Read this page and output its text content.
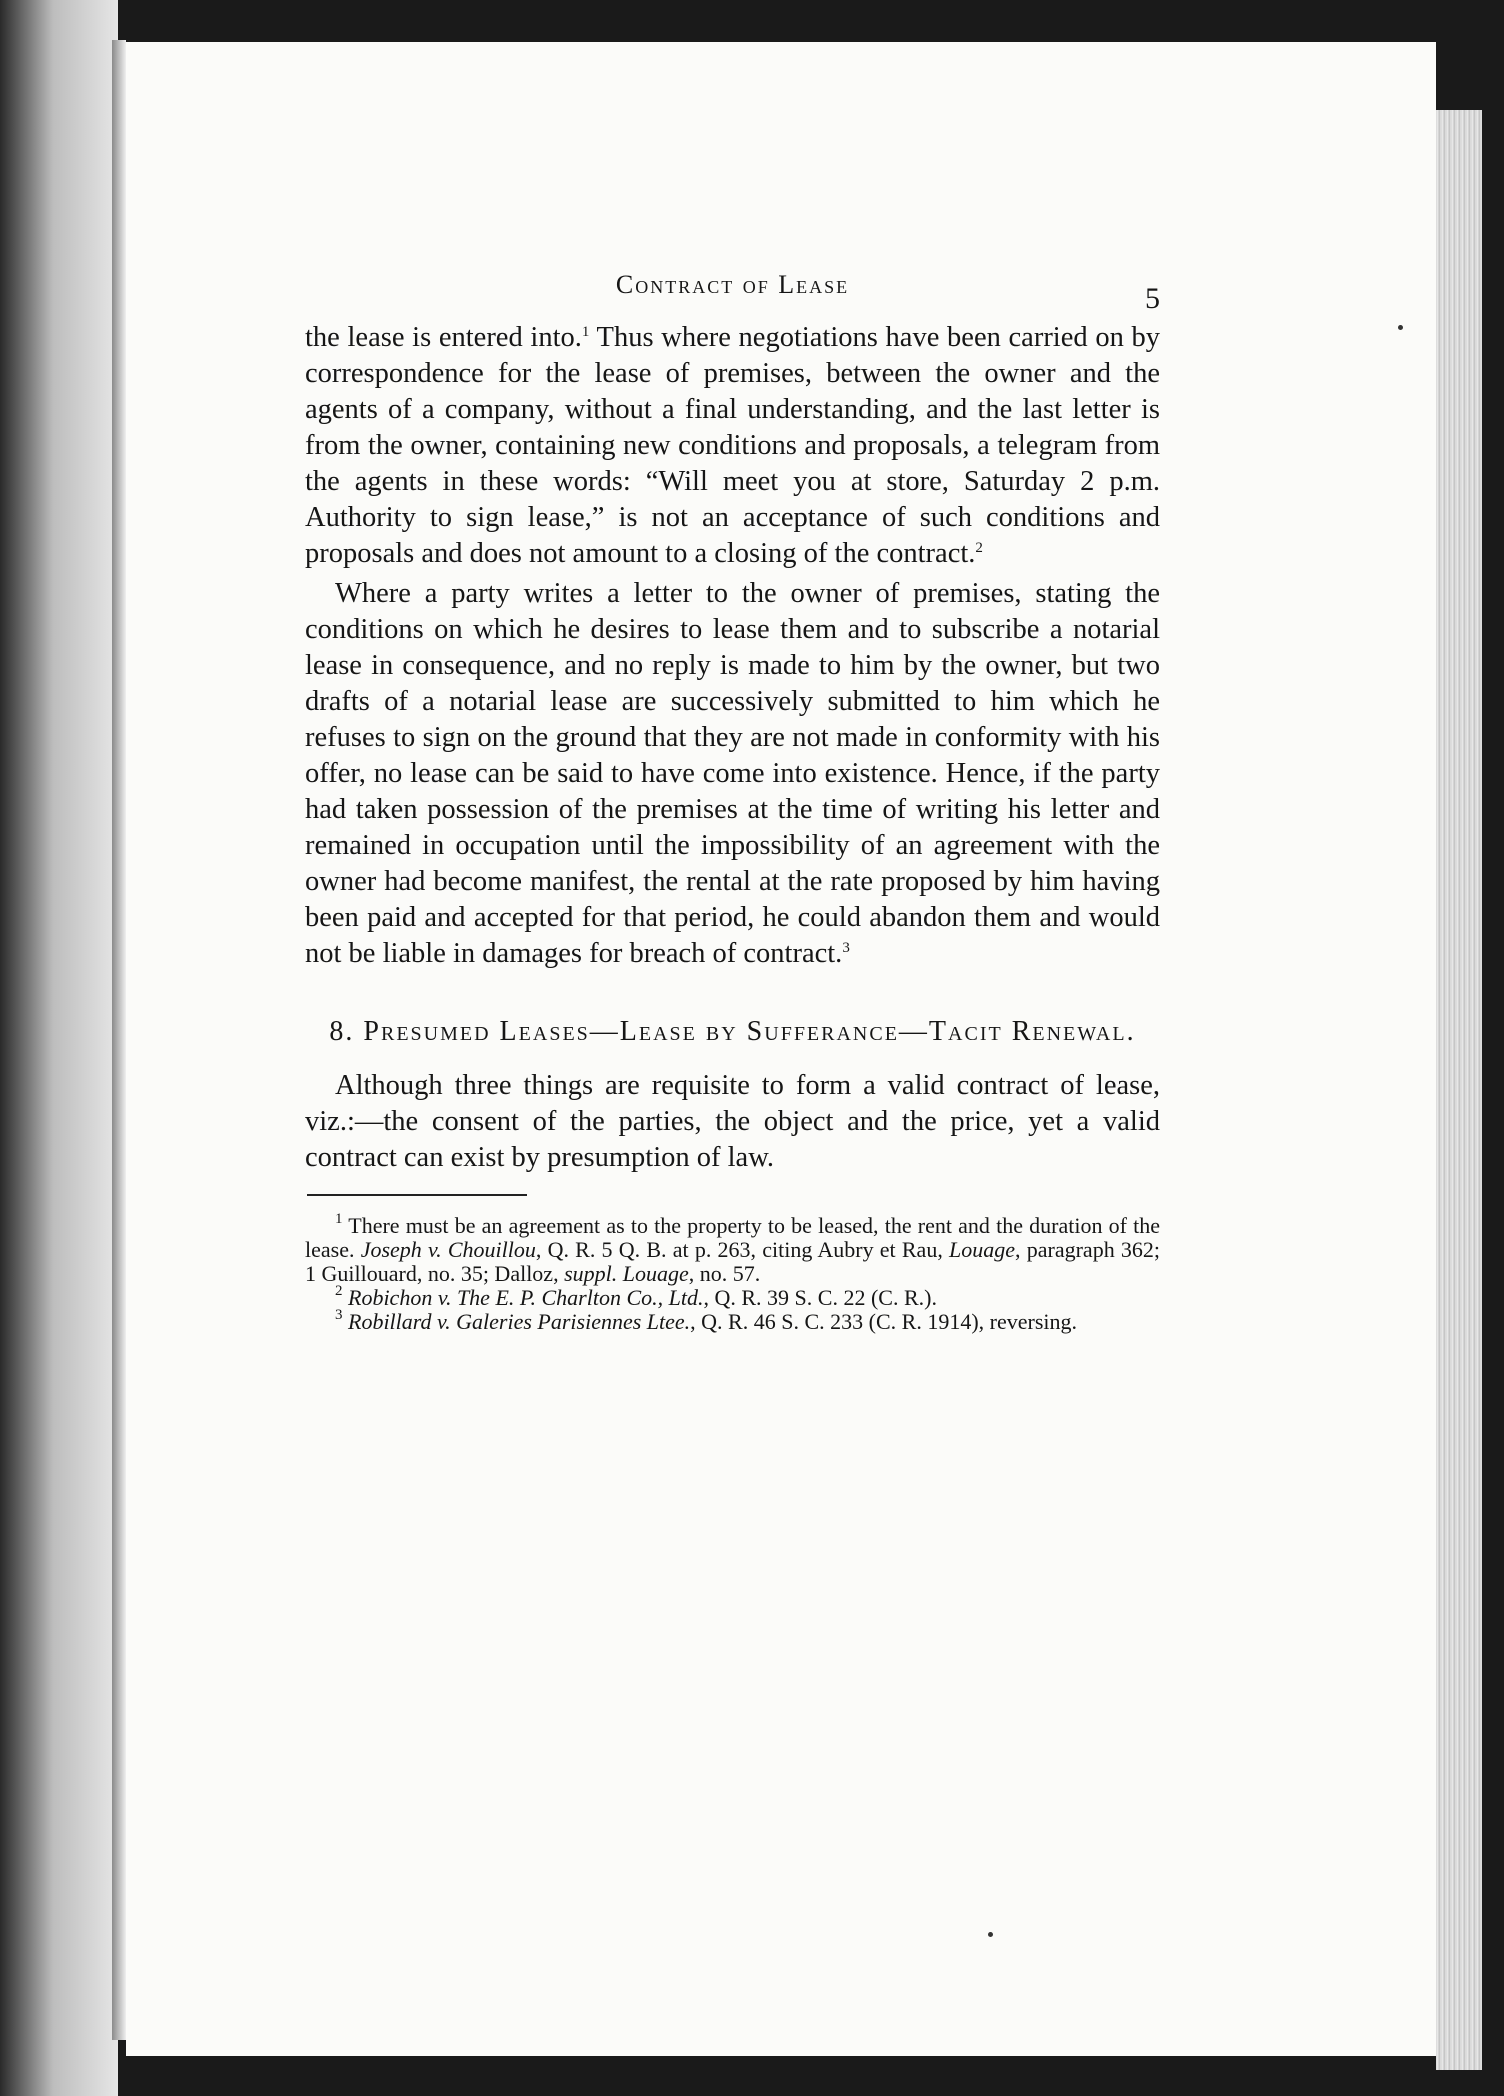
Contract of Lease	5

the lease is entered into.$^1$ Thus where negotiations have been carried on by correspondence for the lease of premises, between the owner and the agents of a company, without a final understanding, and the last letter is from the owner, containing new conditions and proposals, a telegram from the agents in these words: “Will meet you at store, Saturday 2 p.m. Authority to sign lease,” is not an acceptance of such conditions and proposals and does not amount to a closing of the contract.$^2$

Where a party writes a letter to the owner of premises, stating the conditions on which he desires to lease them and to subscribe a notarial lease in consequence, and no reply is made to him by the owner, but two drafts of a notarial lease are successively submitted to him which he refuses to sign on the ground that they are not made in conformity with his offer, no lease can be said to have come into existence. Hence, if the party had taken possession of the premises at the time of writing his letter and remained in occupation until the impossibility of an agreement with the owner had become manifest, the rental at the rate proposed by him having been paid and accepted for that period, he could abandon them and would not be liable in damages for breach of contract.$^3$

8. Presumed Leases—Lease by Sufferance—Tacit Renewal.

Although three things are requisite to form a valid contract of lease, viz.:—the consent of the parties, the object and the price, yet a valid contract can exist by presumption of law.

$^1$ There must be an agreement as to the property to be leased, the rent and the duration of the lease. Joseph v. Chouillou, Q. R. 5 Q. B. at p. 263, citing Aubry et Rau, Louage, paragraph 362; 1 Guillouard, no. 35; Dalloz, suppl. Louage, no. 57.

$^2$ Robichon v. The E. P. Charlton Co., Ltd., Q. R. 39 S. C. 22 (C. R.).

$^3$ Robillard v. Galeries Parisiennes Ltee., Q. R. 46 S. C. 233 (C. R. 1914), reversing.
